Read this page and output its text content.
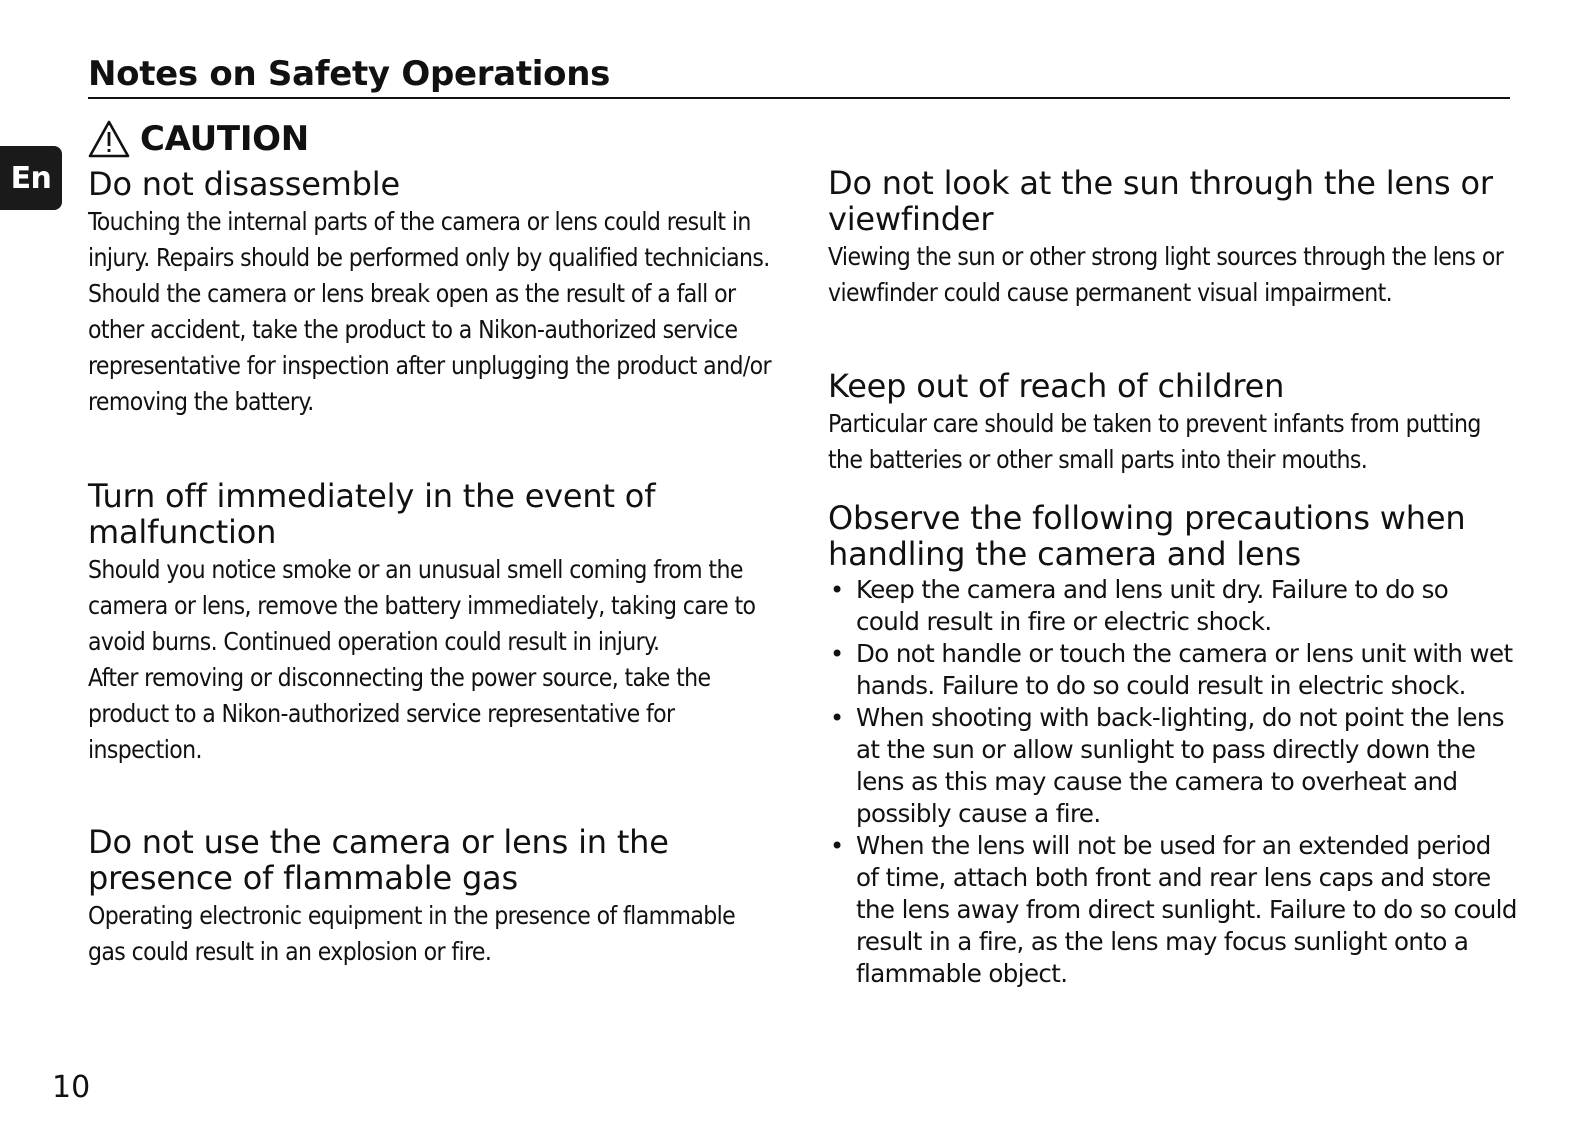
Notes on Safety Operations
En
CAUTION
Do not disassemble

Touching the internal parts of the camera or lens could result in injury. Repairs should be performed only by qualified technicians. Should the camera or lens break open as the result of a fall or other accident, take the product to a Nikon-authorized service representative for inspection after unplugging the product and/or removing the battery.

Turn off immediately in the event of malfunction

Should you notice smoke or an unusual smell coming from the camera or lens, remove the battery immediately, taking care to avoid burns. Continued operation could result in injury.

After removing or disconnecting the power source, take the product to a Nikon-authorized service representative for inspection.

Do not use the camera or lens in the presence of flammable gas

Operating electronic equipment in the presence of flammable gas could result in an explosion or fire.

Do not look at the sun through the lens or viewfinder

Viewing the sun or other strong light sources through the lens or viewfinder could cause permanent visual impairment.

Keep out of reach of children

Particular care should be taken to prevent infants from putting the batteries or other small parts into their mouths.

Observe the following precautions when handling the camera and lens
• Keep the camera and lens unit dry. Failure to do so could result in fire or electric shock.
• Do not handle or touch the camera or lens unit with wet hands. Failure to do so could result in electric shock.
• When shooting with back-lighting, do not point the lens at the sun or allow sunlight to pass directly down the lens as this may cause the camera to overheat and possibly cause a fire.
• When the lens will not be used for an extended period of time, attach both front and rear lens caps and store the lens away from direct sunlight. Failure to do so could result in a fire, as the lens may focus sunlight onto a flammable object.
10
